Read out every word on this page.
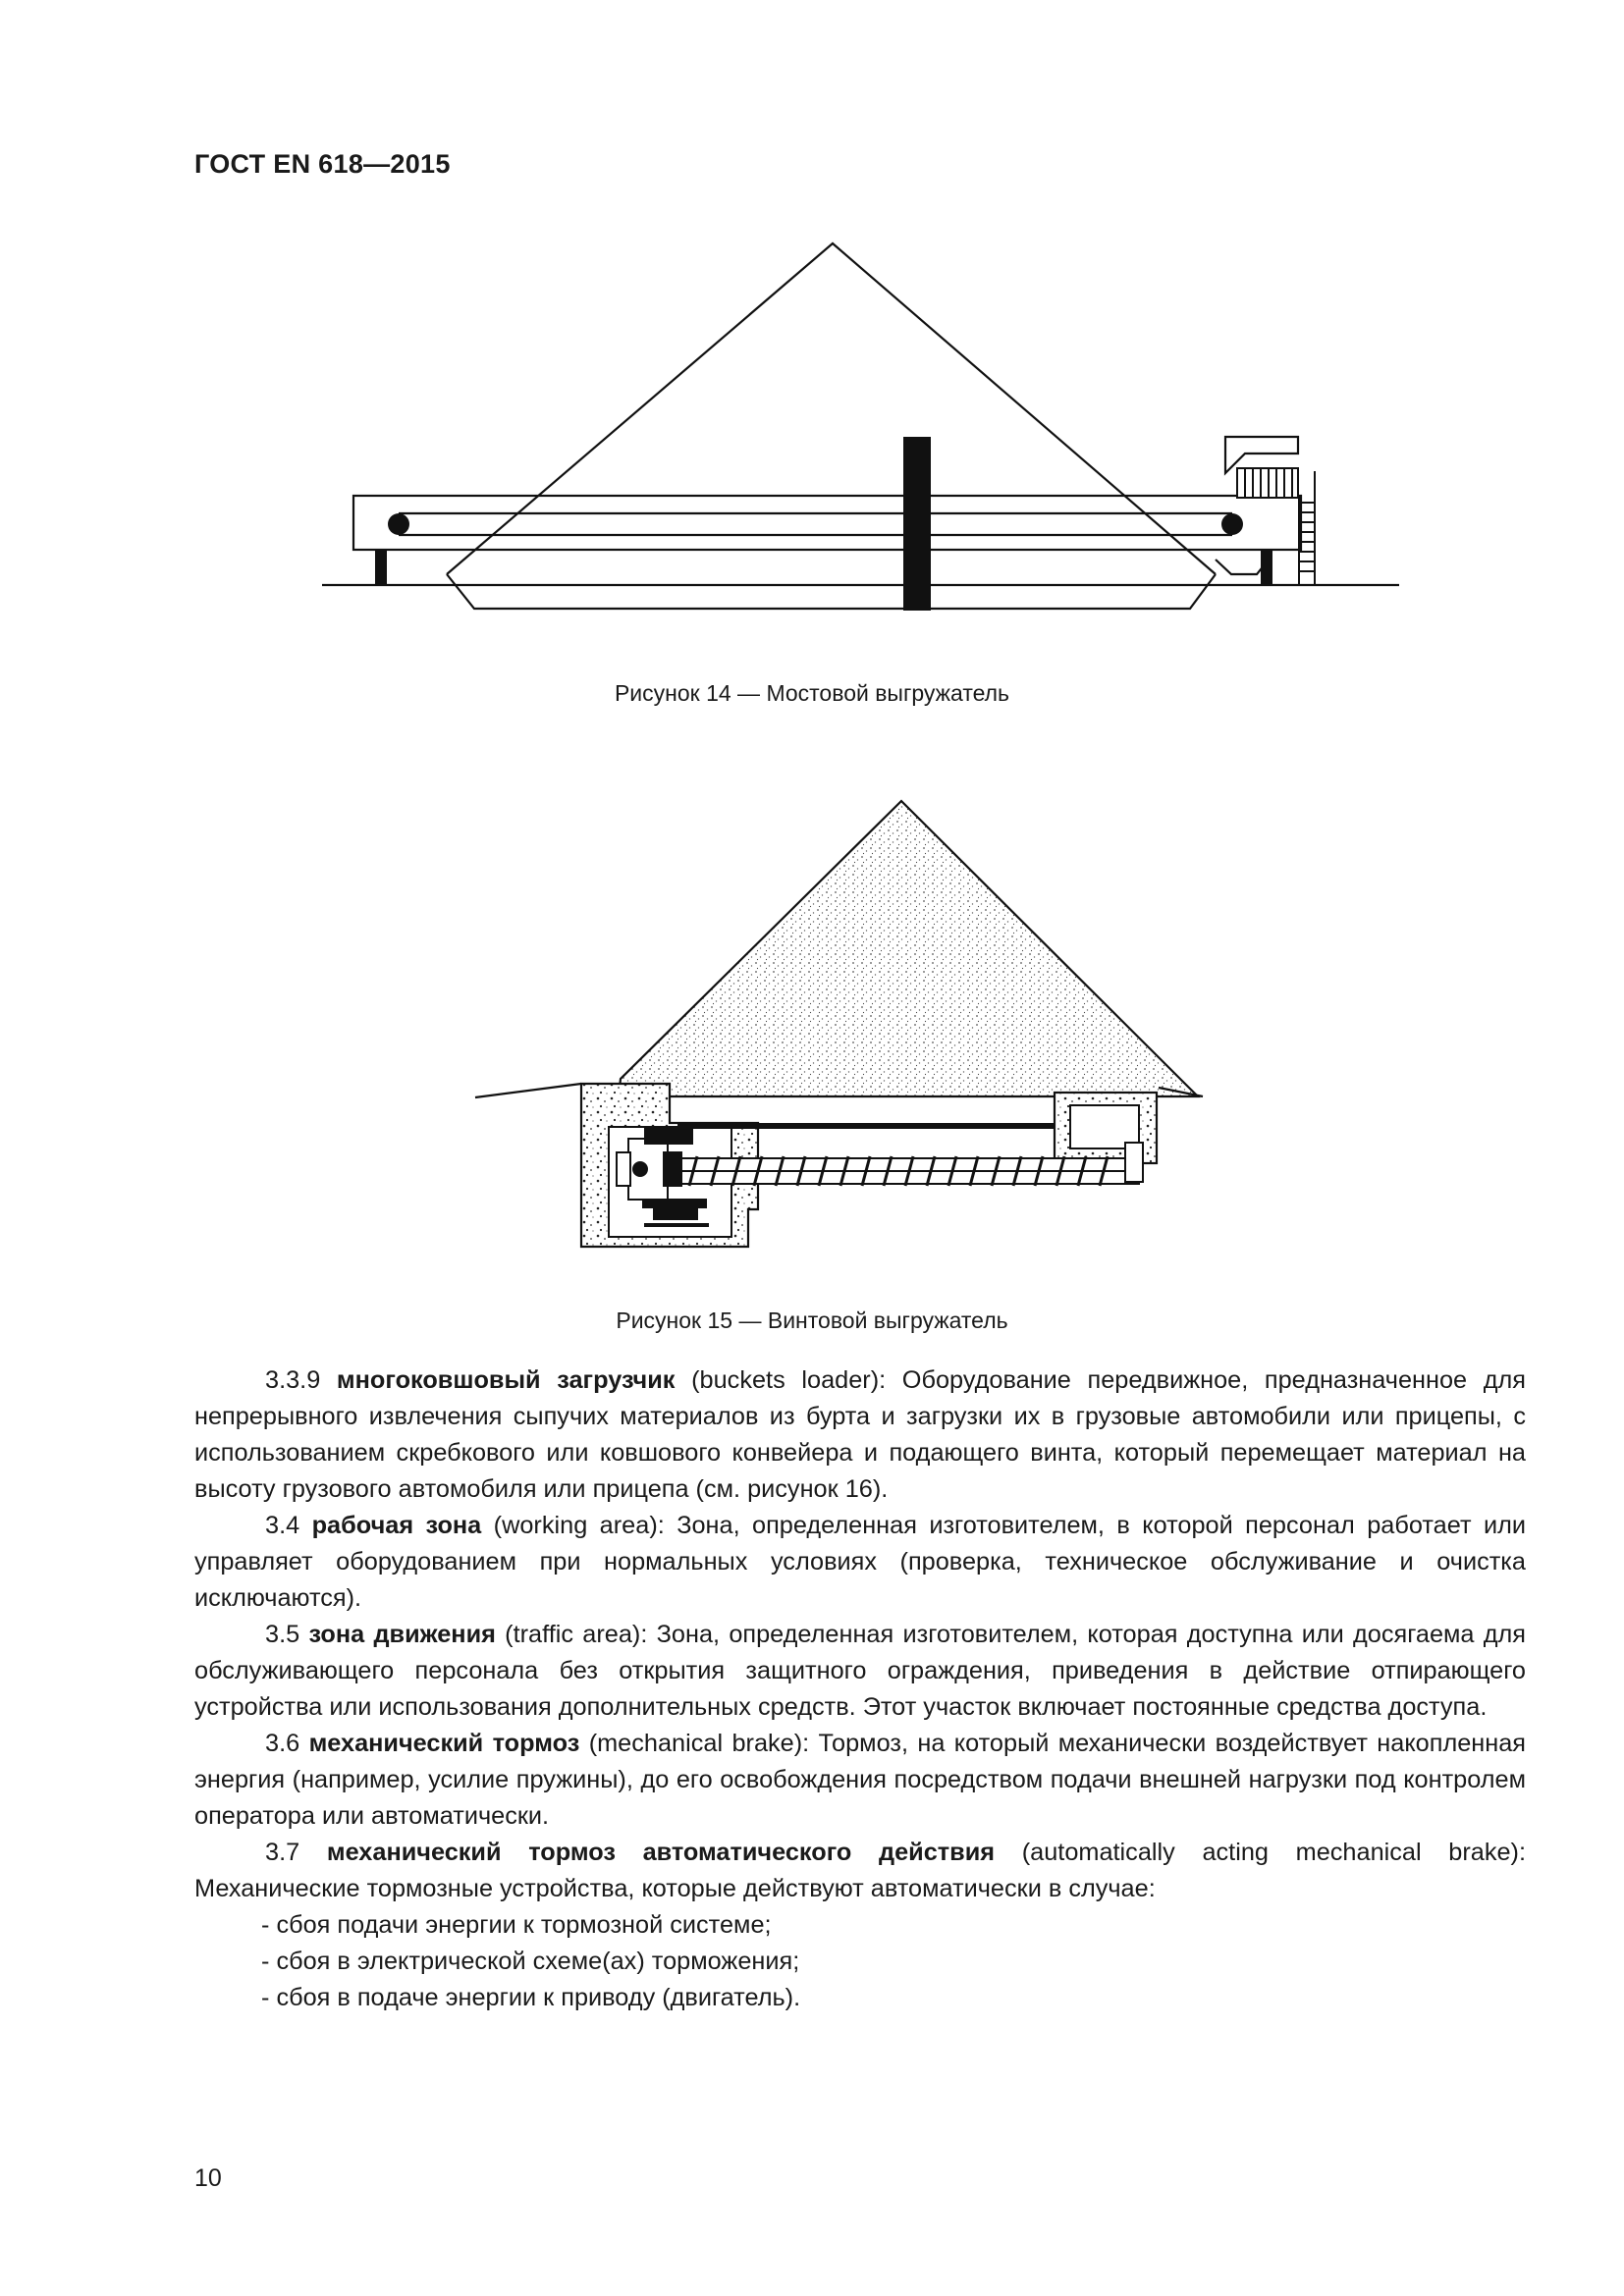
ГОСТ EN 618—2015
Рисунок 14 — Мостовой выгружатель
Рисунок 15 — Винтовой выгружатель

3.3.9 многоковшовый загрузчик (buckets loader): Оборудование передвижное, предназначенное для непрерывного извлечения сыпучих материалов из бурта и загрузки их в грузовые автомобили или прицепы, с использованием скребкового или ковшового конвейера и подающего винта, который перемещает материал на высоту грузового автомобиля или прицепа (см. рисунок 16).

3.4 рабочая зона (working area): Зона, определенная изготовителем, в которой персонал работает или управляет оборудованием при нормальных условиях (проверка, техническое обслуживание и очистка исключаются).

3.5 зона движения (traffic area): Зона, определенная изготовителем, которая доступна или досягаема для обслуживающего персонала без открытия защитного ограждения, приведения в действие отпирающего устройства или использования дополнительных средств. Этот участок включает постоянные средства доступа.

3.6 механический тормоз (mechanical brake): Тормоз, на который механически воздействует накопленная энергия (например, усилие пружины), до его освобождения посредством подачи внешней нагрузки под контролем оператора или автоматически.

3.7 механический тормоз автоматического действия (automatically acting mechanical brake): Механические тормозные устройства, которые действуют автоматически в случае:

- сбоя подачи энергии к тормозной системе;
- сбоя в электрической схеме(ах) торможения;
- сбоя в подаче энергии к приводу (двигатель).
10
